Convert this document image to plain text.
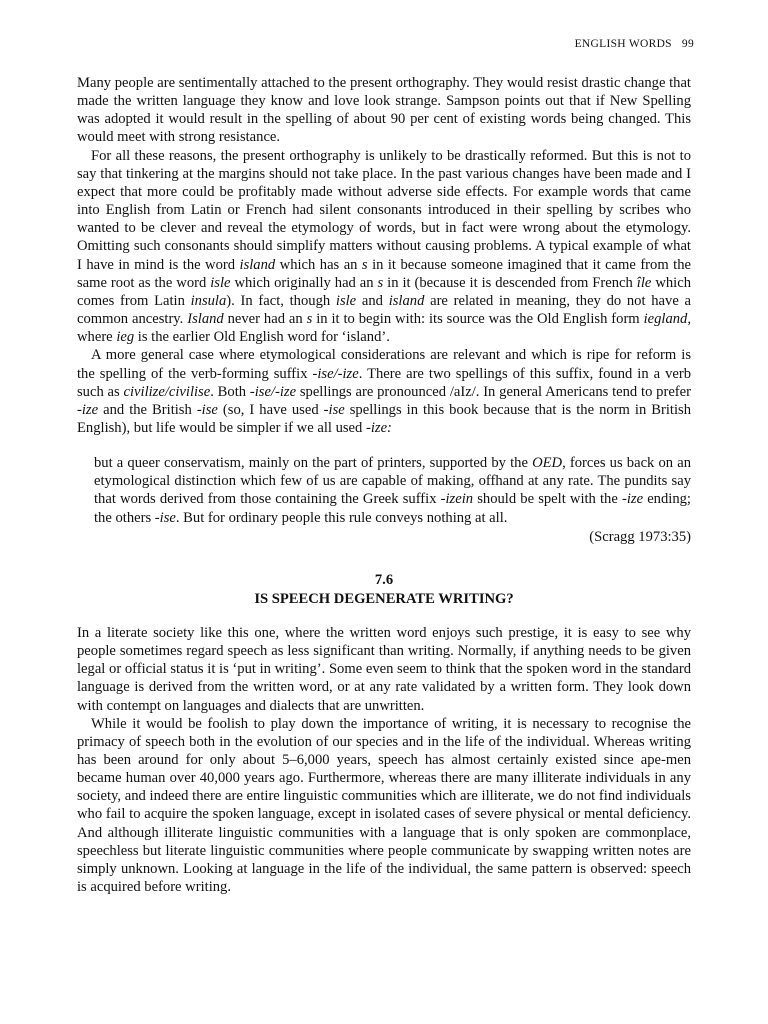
ENGLISH WORDS 99

Many people are sentimentally attached to the present orthography. They would resist drastic change that made the written language they know and love look strange. Sampson points out that if New Spelling was adopted it would result in the spelling of about 90 per cent of existing words being changed. This would meet with strong resistance.

For all these reasons, the present orthography is unlikely to be drastically reformed. But this is not to say that tinkering at the margins should not take place. In the past various changes have been made and I expect that more could be profitably made without adverse side effects. For example words that came into English from Latin or French had silent consonants introduced in their spelling by scribes who wanted to be clever and reveal the etymology of words, but in fact were wrong about the etymology. Omitting such consonants should simplify matters without causing problems. A typical example of what I have in mind is the word island which has an s in it because someone imagined that it came from the same root as the word isle which originally had an s in it (because it is descended from French île which comes from Latin insula). In fact, though isle and island are related in meaning, they do not have a common ancestry. Island never had an s in it to begin with: its source was the Old English form iegland, where ieg is the earlier Old English word for ‘island’.

A more general case where etymological considerations are relevant and which is ripe for reform is the spelling of the verb-forming suffix -ise/-ize. There are two spellings of this suffix, found in a verb such as civilize/civilise. Both -ise/-ize spellings are pronounced /aIz/. In general Americans tend to prefer -ize and the British -ise (so, I have used -ise spellings in this book because that is the norm in British English), but life would be simpler if we all used -ize:

but a queer conservatism, mainly on the part of printers, supported by the OED, forces us back on an etymological distinction which few of us are capable of making, offhand at any rate. The pundits say that words derived from those containing the Greek suffix -izein should be spelt with the -ize ending; the others -ise. But for ordinary people this rule conveys nothing at all.

(Scragg 1973:35)

7.6
IS SPEECH DEGENERATE WRITING?

In a literate society like this one, where the written word enjoys such prestige, it is easy to see why people sometimes regard speech as less significant than writing. Normally, if anything needs to be given legal or official status it is ‘put in writing’. Some even seem to think that the spoken word in the standard language is derived from the written word, or at any rate validated by a written form. They look down with contempt on languages and dialects that are unwritten.

While it would be foolish to play down the importance of writing, it is necessary to recognise the primacy of speech both in the evolution of our species and in the life of the individual. Whereas writing has been around for only about 5–6,000 years, speech has almost certainly existed since ape-men became human over 40,000 years ago. Furthermore, whereas there are many illiterate individuals in any society, and indeed there are entire linguistic communities which are illiterate, we do not find individuals who fail to acquire the spoken language, except in isolated cases of severe physical or mental deficiency. And although illiterate linguistic communities with a language that is only spoken are commonplace, speechless but literate linguistic communities where people communicate by swapping written notes are simply unknown. Looking at language in the life of the individual, the same pattern is observed: speech is acquired before writing.
